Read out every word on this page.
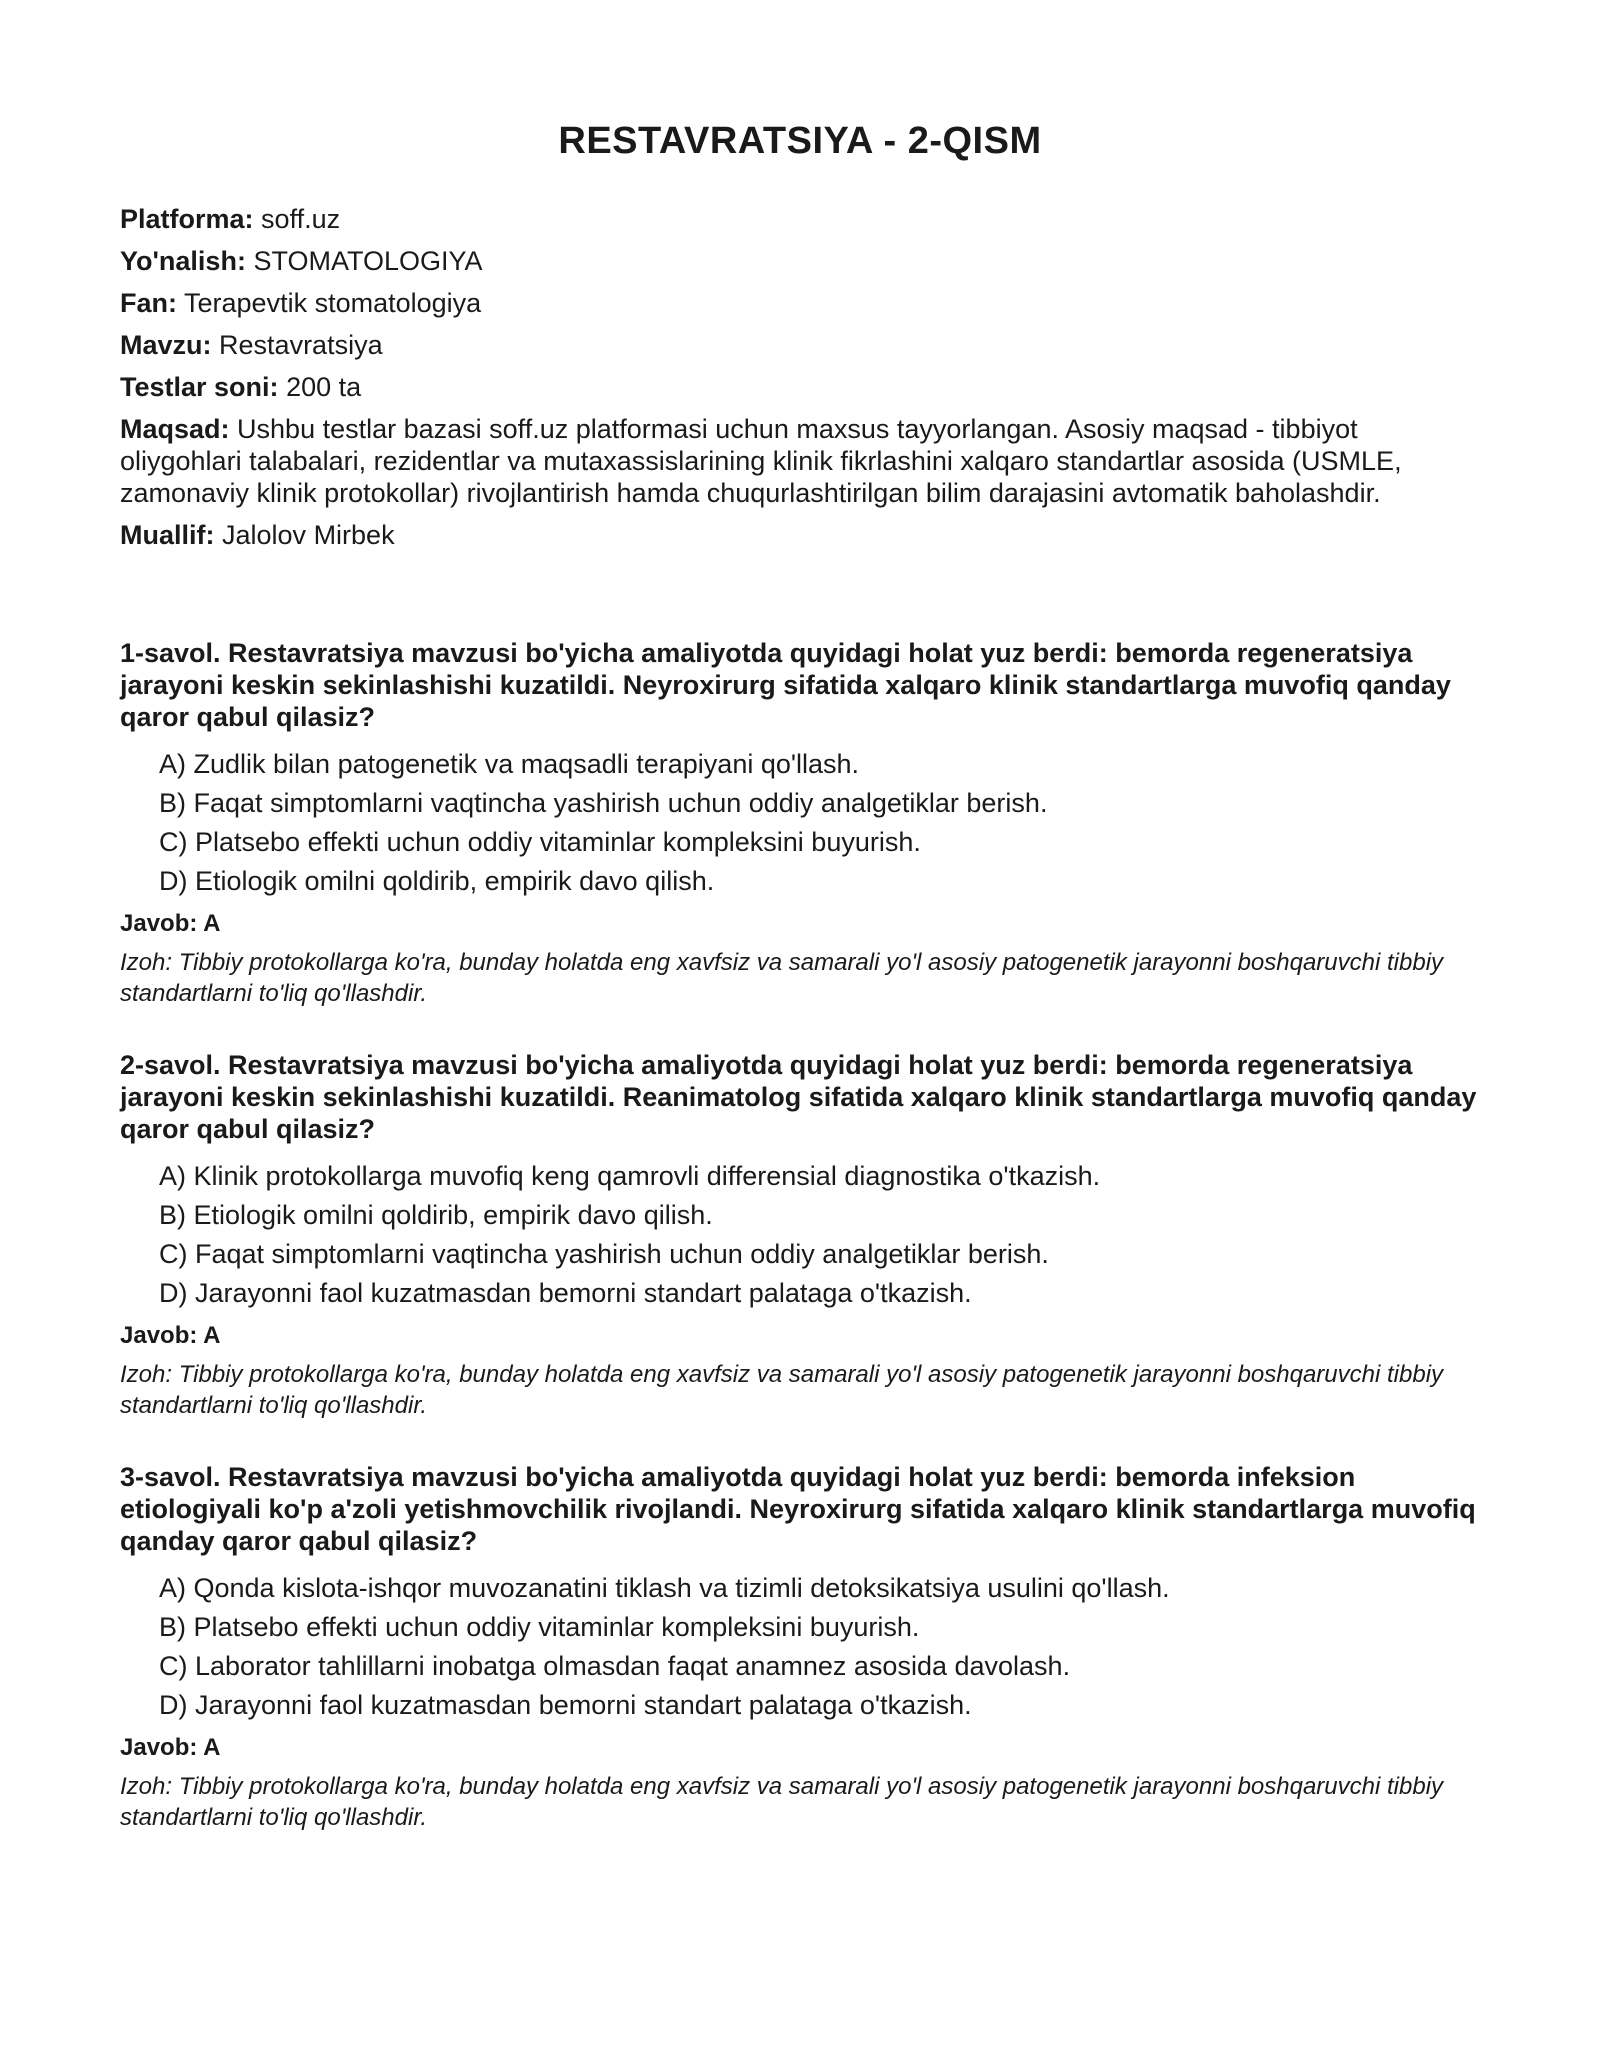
RESTAVRATSIYA - 2-QISM

Platforma: soff.uz

Yo'nalish: STOMATOLOGIYA

Fan: Terapevtik stomatologiya

Mavzu: Restavratsiya

Testlar soni: 200 ta

Maqsad: Ushbu testlar bazasi soff.uz platformasi uchun maxsus tayyorlangan. Asosiy maqsad - tibbiyot oliygohlari talabalari, rezidentlar va mutaxassislarining klinik fikrlashini xalqaro standartlar asosida (USMLE, zamonaviy klinik protokollar) rivojlantirish hamda chuqurlashtirilgan bilim darajasini avtomatik baholashdir.

Muallif: Jalolov Mirbek

1-savol. Restavratsiya mavzusi bo'yicha amaliyotda quyidagi holat yuz berdi: bemorda regeneratsiya jarayoni keskin sekinlashishi kuzatildi. Neyroxirurg sifatida xalqaro klinik standartlarga muvofiq qanday qaror qabul qilasiz?

A) Zudlik bilan patogenetik va maqsadli terapiyani qo'llash.
B) Faqat simptomlarni vaqtincha yashirish uchun oddiy analgetiklar berish.
C) Platsebo effekti uchun oddiy vitaminlar kompleksini buyurish.
D) Etiologik omilni qoldirib, empirik davo qilish.

Javob: A

Izoh: Tibbiy protokollarga ko'ra, bunday holatda eng xavfsiz va samarali yo'l asosiy patogenetik jarayonni boshqaruvchi tibbiy standartlarni to'liq qo'llashdir.

2-savol. Restavratsiya mavzusi bo'yicha amaliyotda quyidagi holat yuz berdi: bemorda regeneratsiya jarayoni keskin sekinlashishi kuzatildi. Reanimatolog sifatida xalqaro klinik standartlarga muvofiq qanday qaror qabul qilasiz?

A) Klinik protokollarga muvofiq keng qamrovli differensial diagnostika o'tkazish.
B) Etiologik omilni qoldirib, empirik davo qilish.
C) Faqat simptomlarni vaqtincha yashirish uchun oddiy analgetiklar berish.
D) Jarayonni faol kuzatmasdan bemorni standart palataga o'tkazish.

Javob: A

Izoh: Tibbiy protokollarga ko'ra, bunday holatda eng xavfsiz va samarali yo'l asosiy patogenetik jarayonni boshqaruvchi tibbiy standartlarni to'liq qo'llashdir.

3-savol. Restavratsiya mavzusi bo'yicha amaliyotda quyidagi holat yuz berdi: bemorda infeksion etiologiyali ko'p a'zoli yetishmovchilik rivojlandi. Neyroxirurg sifatida xalqaro klinik standartlarga muvofiq qanday qaror qabul qilasiz?

A) Qonda kislota-ishqor muvozanatini tiklash va tizimli detoksikatsiya usulini qo'llash.
B) Platsebo effekti uchun oddiy vitaminlar kompleksini buyurish.
C) Laborator tahlillarni inobatga olmasdan faqat anamnez asosida davolash.
D) Jarayonni faol kuzatmasdan bemorni standart palataga o'tkazish.

Javob: A

Izoh: Tibbiy protokollarga ko'ra, bunday holatda eng xavfsiz va samarali yo'l asosiy patogenetik jarayonni boshqaruvchi tibbiy standartlarni to'liq qo'llashdir.
